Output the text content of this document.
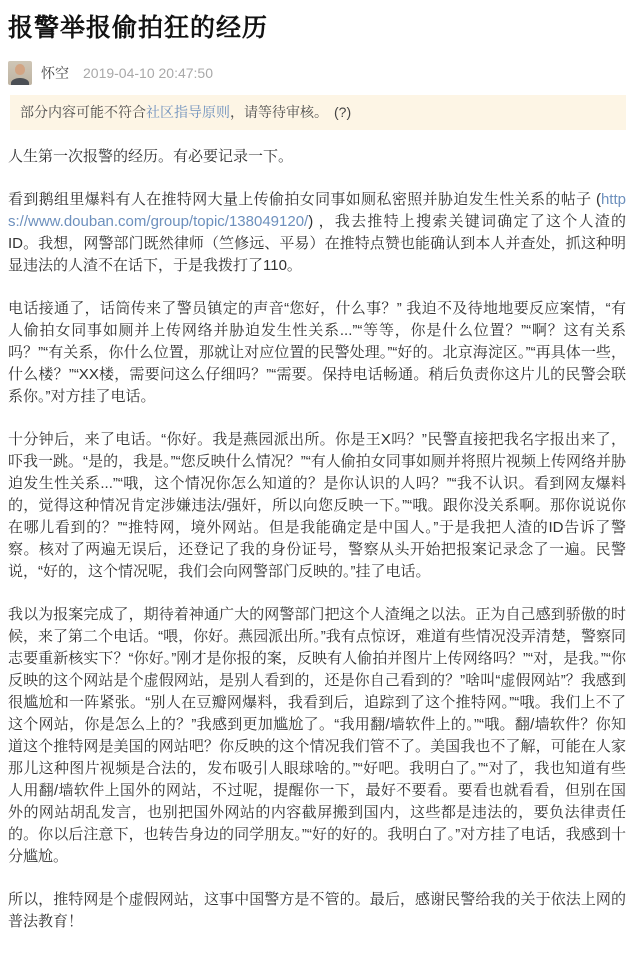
报警举报偷拍狂的经历
怀空 2019-04-10 20:47:50
部分内容可能不符合社区指导原则，请等待审核。 (?)

人生第一次报警的经历。有必要记录一下。

看到鹅组里爆料有人在推特网大量上传偷拍女同事如厕私密照并胁迫发生性关系的帖子 (https://www.douban.com/group/topic/138049120/) ，我去推特上搜索关键词确定了这个人渣的ID。我想，网警部门既然律师（竺修远、平易）在推特点赞也能确认到本人并查处，抓这种明显违法的人渣不在话下，于是我拨打了110。

电话接通了，话筒传来了警员镇定的声音“您好，什么事？” 我迫不及待地地要反应案情，“有人偷拍女同事如厕并上传网络并胁迫发生性关系...”“等等，你是什么位置？”“啊？这有关系吗？”“有关系，你什么位置，那就让对应位置的民警处理。”“好的。北京海淀区。”“再具体一些，什么楼？”“XX楼，需要问这么仔细吗？”“需要。保持电话畅通。稍后负责你这片儿的民警会联系你。”对方挂了电话。

十分钟后，来了电话。“你好。我是燕园派出所。你是王X吗？”民警直接把我名字报出来了，吓我一跳。“是的，我是。”“您反映什么情况？”“有人偷拍女同事如厕并将照片视频上传网络并胁迫发生性关系...”“哦，这个情况你怎么知道的？是你认识的人吗？”“我不认识。看到网友爆料的，觉得这种情况肯定涉嫌违法/强奸，所以向您反映一下。”“哦。跟你没关系啊。那你说说你在哪儿看到的？”“推特网，境外网站。但是我能确定是中国人。”于是我把人渣的ID告诉了警察。核对了两遍无误后，还登记了我的身份证号，警察从头开始把报案记录念了一遍。民警说，“好的，这个情况呢，我们会向网警部门反映的。”挂了电话。

我以为报案完成了，期待着神通广大的网警部门把这个人渣绳之以法。正为自己感到骄傲的时候，来了第二个电话。“喂，你好。燕园派出所。”我有点惊讶，难道有些情况没弄清楚，警察同志要重新核实下？“你好。”刚才是你报的案，反映有人偷拍并图片上传网络吗？”“对，是我。”“你反映的这个网站是个虚假网站，是别人看到的，还是你自己看到的？”啥叫“虚假网站”？我感到很尴尬和一阵紧张。“别人在豆瓣网爆料，我看到后，追踪到了这个推特网。”“哦。我们上不了这个网站，你是怎么上的？”我感到更加尴尬了。“我用翻/墙软件上的。”“哦。翻/墙软件？你知道这个推特网是美国的网站吧？你反映的这个情况我们管不了。美国我也不了解，可能在人家那儿这种图片视频是合法的，发布吸引人眼球啥的。”“好吧。我明白了。”“对了，我也知道有些人用翻/墙软件上国外的网站，不过呢，提醒你一下，最好不要看。要看也就看看，但别在国外的网站胡乱发言，也别把国外网站的内容截屏搬到国内，这些都是违法的，要负法律责任的。你以后注意下，也转告身边的同学朋友。”“好的好的。我明白了。”对方挂了电话，我感到十分尴尬。

所以，推特网是个虚假网站，这事中国警方是不管的。最后，感谢民警给我的关于依法上网的普法教育！
